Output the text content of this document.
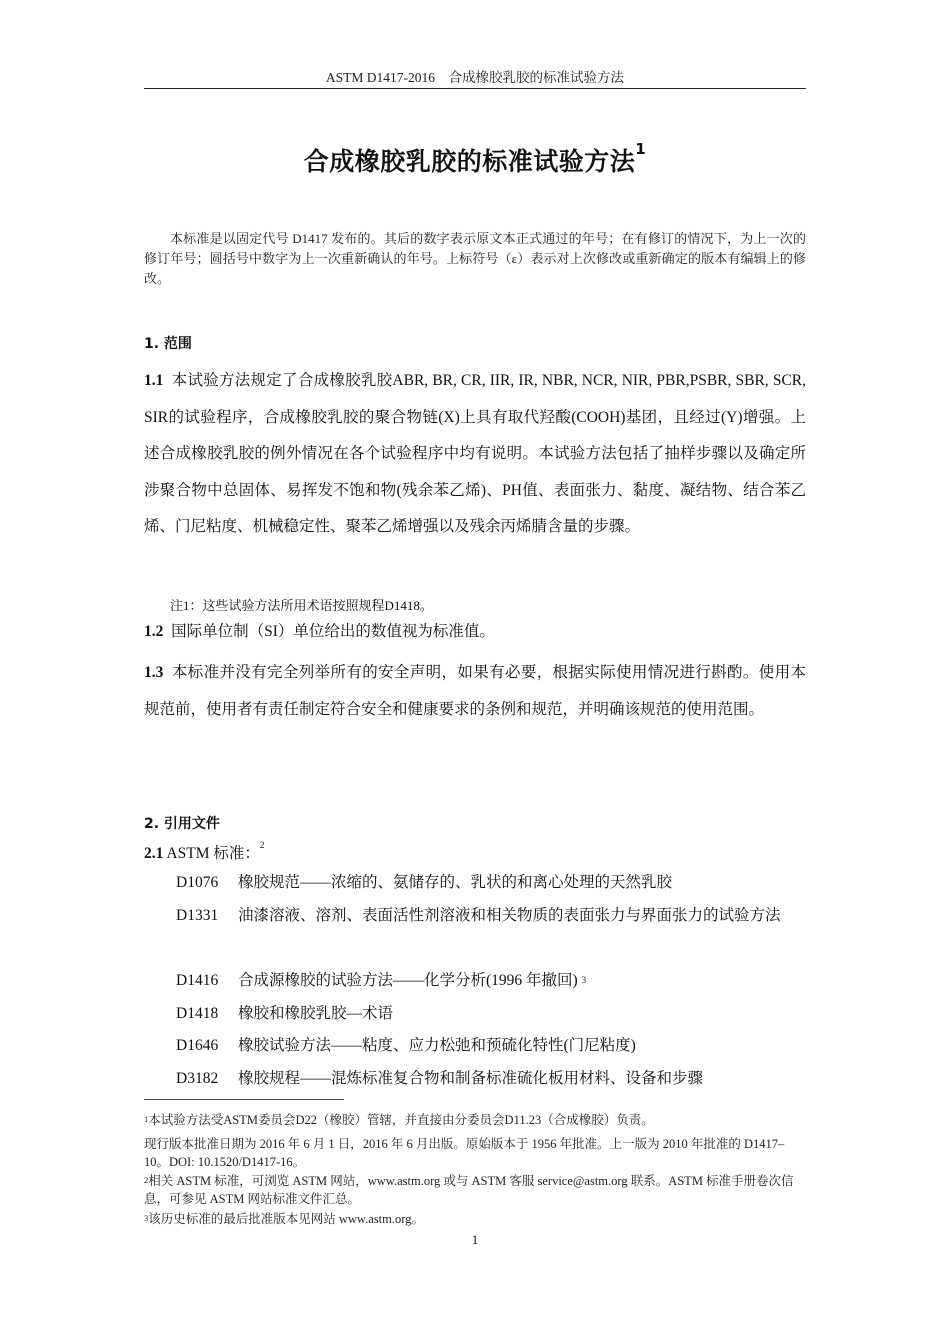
ASTM D1417-2016　合成橡胶乳胶的标准试验方法
合成橡胶乳胶的标准试验方法$^1$
本标准是以固定代号 D1417 发布的。其后的数字表示原文本正式通过的年号；在有修订的情况下，为上一次的修订年号；圆括号中数字为上一次重新确认的年号。上标符号（ε）表示对上次修改或重新确定的版本有编辑上的修改。
1. 范围
1.1 本试验方法规定了合成橡胶乳胶ABR, BR, CR, IIR, IR, NBR, NCR, NIR, PBR,PSBR, SBR, SCR, SIR的试验程序，合成橡胶乳胶的聚合物链(X)上具有取代羟酸(COOH)基团，且经过(Y)增强。上述合成橡胶乳胶的例外情况在各个试验程序中均有说明。本试验方法包括了抽样步骤以及确定所涉聚合物中总固体、易挥发不饱和物(残余苯乙烯)、PH值、表面张力、黏度、凝结物、结合苯乙烯、门尼粘度、机械稳定性、聚苯乙烯增强以及残余丙烯腈含量的步骤。
注1：这些试验方法所用术语按照规程D1418。
1.2 国际单位制（SI）单位给出的数值视为标准值。
1.3 本标准并没有完全列举所有的安全声明，如果有必要，根据实际使用情况进行斟酌。使用本规范前，使用者有责任制定符合安全和健康要求的条例和规范，并明确该规范的使用范围。
2. 引用文件
2.1 ASTM 标准：$^2$
D1076 橡胶规范——浓缩的、氨储存的、乳状的和离心处理的天然乳胶
D1331 油漆溶液、溶剂、表面活性剂溶液和相关物质的表面张力与界面张力的试验方法
D1416 合成源橡胶的试验方法——化学分析(1996 年撤回) $^3$
D1418 橡胶和橡胶乳胶—术语
D1646 橡胶试验方法——粘度、应力松弛和预硫化特性(门尼粘度)
D3182 橡胶规程——混炼标准复合物和制备标准硫化板用材料、设备和步骤
$^1$本试验方法受ASTM委员会D22（橡胶）管辖，并直接由分委员会D11.23（合成橡胶）负责。
现行版本批准日期为 2016 年 6 月 1 日，2016 年 6 月出版。原始版本于 1956 年批准。上一版为 2010 年批准的 D1417–10。DOI: 10.1520/D1417-16。
$^2$相关 ASTM 标准，可浏览 ASTM 网站，www.astm.org 或与 ASTM 客服 service@astm.org 联系。ASTM 标准手册卷次信息，可参见 ASTM 网站标准文件汇总。
$^3$该历史标准的最后批准版本见网站 www.astm.org。
1
